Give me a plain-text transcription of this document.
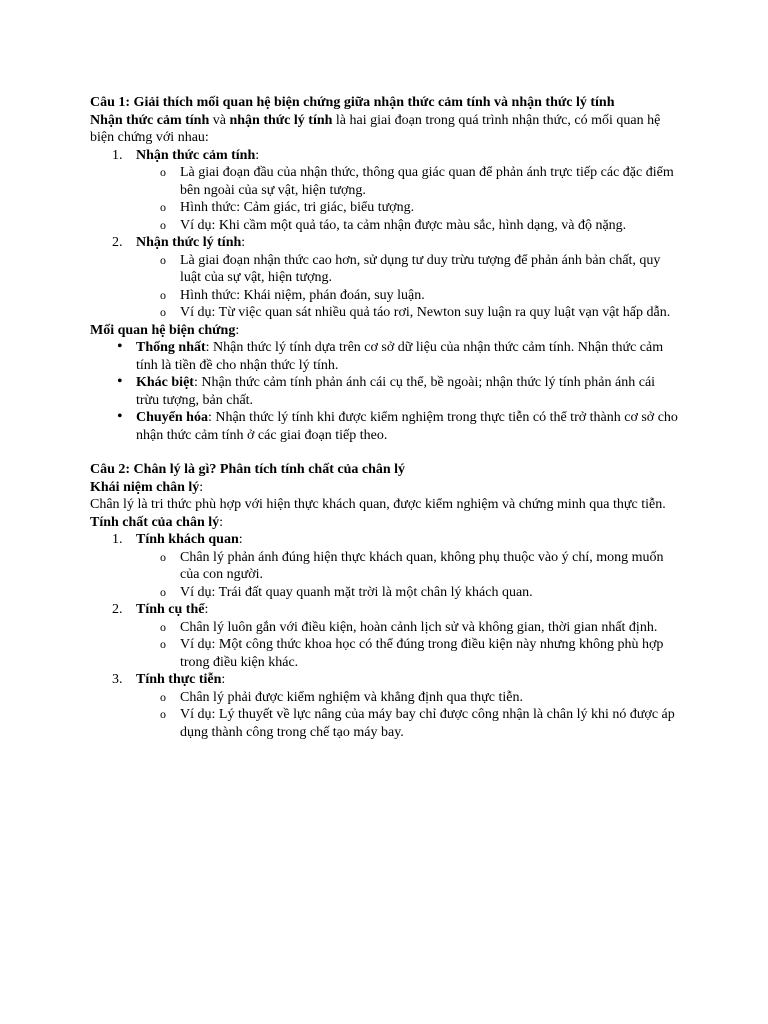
Câu 1: Giải thích mối quan hệ biện chứng giữa nhận thức cảm tính và nhận thức lý tính

Nhận thức cảm tính và nhận thức lý tính là hai giai đoạn trong quá trình nhận thức, có mối quan hệ biện chứng với nhau:

1. Nhận thức cảm tính:
o Là giai đoạn đầu của nhận thức, thông qua giác quan để phản ánh trực tiếp các đặc điểm bên ngoài của sự vật, hiện tượng.
o Hình thức: Cảm giác, tri giác, biểu tượng.
o Ví dụ: Khi cầm một quả táo, ta cảm nhận được màu sắc, hình dạng, và độ nặng.
2. Nhận thức lý tính:
o Là giai đoạn nhận thức cao hơn, sử dụng tư duy trừu tượng để phản ánh bản chất, quy luật của sự vật, hiện tượng.
o Hình thức: Khái niệm, phán đoán, suy luận.
o Ví dụ: Từ việc quan sát nhiều quả táo rơi, Newton suy luận ra quy luật vạn vật hấp dẫn.

Mối quan hệ biện chứng:

• Thống nhất: Nhận thức lý tính dựa trên cơ sở dữ liệu của nhận thức cảm tính. Nhận thức cảm tính là tiền đề cho nhận thức lý tính.
• Khác biệt: Nhận thức cảm tính phản ánh cái cụ thể, bề ngoài; nhận thức lý tính phản ánh cái trừu tượng, bản chất.
• Chuyển hóa: Nhận thức lý tính khi được kiểm nghiệm trong thực tiễn có thể trở thành cơ sở cho nhận thức cảm tính ở các giai đoạn tiếp theo.

Câu 2: Chân lý là gì? Phân tích tính chất của chân lý

Khái niệm chân lý:

Chân lý là tri thức phù hợp với hiện thực khách quan, được kiểm nghiệm và chứng minh qua thực tiễn.

Tính chất của chân lý:

1. Tính khách quan:
o Chân lý phản ánh đúng hiện thực khách quan, không phụ thuộc vào ý chí, mong muốn của con người.
o Ví dụ: Trái đất quay quanh mặt trời là một chân lý khách quan.
2. Tính cụ thể:
o Chân lý luôn gắn với điều kiện, hoàn cảnh lịch sử và không gian, thời gian nhất định.
o Ví dụ: Một công thức khoa học có thể đúng trong điều kiện này nhưng không phù hợp trong điều kiện khác.
3. Tính thực tiễn:
o Chân lý phải được kiểm nghiệm và khẳng định qua thực tiễn.
o Ví dụ: Lý thuyết về lực nâng của máy bay chỉ được công nhận là chân lý khi nó được áp dụng thành công trong chế tạo máy bay.
